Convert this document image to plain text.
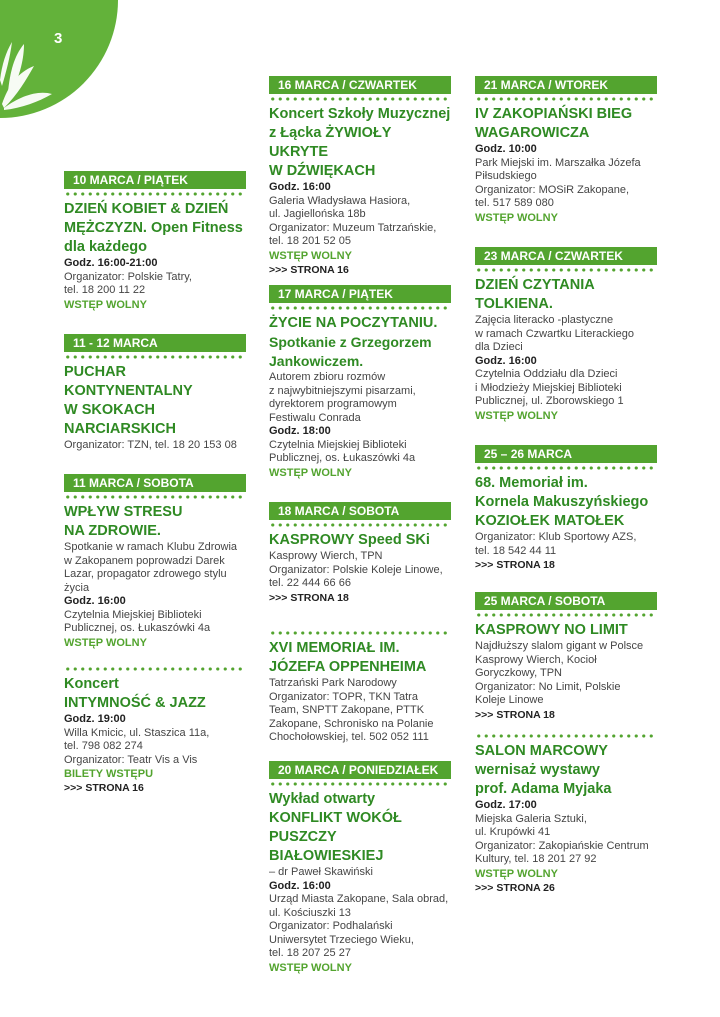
3
10 MARCA / PIĄTEK
DZIEŃ KOBIET & DZIEŃ
MĘŻCZYZN. Open Fitness
dla każdego
Godz. 16:00-21:00
Organizator: Polskie Tatry,
tel. 18 200 11 22
WSTĘP WOLNY
11 - 12 MARCA
PUCHAR
KONTYNENTALNY
W SKOKACH
NARCIARSKICH
Organizator: TZN, tel. 18 20 153 08
11 MARCA / SOBOTA
WPŁYW STRESU
NA ZDROWIE.
Spotkanie w ramach Klubu Zdrowia
w Zakopanem poprowadzi Darek
Lazar, propagator zdrowego stylu
życia
Godz. 16:00
Czytelnia Miejskiej Biblioteki
Publicznej, os. Łukaszówki 4a
WSTĘP WOLNY
Koncert
INTYMNOŚĆ & JAZZ
Godz. 19:00
Willa Kmicic, ul. Staszica 11a,
tel. 798 082 274
Organizator: Teatr Vis a Vis
BILETY WSTĘPU
>>> STRONA 16
16 MARCA / CZWARTEK
Koncert Szkoły Muzycznej
z Łącka ŻYWIOŁY UKRYTE
W DŹWIĘKACH
Godz. 16:00
Galeria Władysława Hasiora,
ul. Jagiellońska 18b
Organizator: Muzeum Tatrzańskie,
tel. 18 201 52 05
WSTĘP WOLNY
>>> STRONA 16
17 MARCA / PIĄTEK
ŻYCIE NA POCZYTANIU.
Spotkanie z Grzegorzem
Jankowiczem.
Autorem zbioru rozmów
z najwybitniejszymi pisarzami,
dyrektorem programowym
Festiwalu Conrada
Godz. 18:00
Czytelnia Miejskiej Biblioteki
Publicznej, os. Łukaszówki 4a
WSTĘP WOLNY
18 MARCA / SOBOTA
KASPROWY Speed SKi
Kasprowy Wierch, TPN
Organizator: Polskie Koleje Linowe,
tel. 22 444 66 66
>>> STRONA 18
XVI MEMORIAŁ IM.
JÓZEFA OPPENHEIMA
Tatrzański Park Narodowy
Organizator: TOPR, TKN Tatra
Team, SNPTT Zakopane, PTTK
Zakopane, Schronisko na Polanie
Chochołowskiej, tel. 502 052 111
20 MARCA / PONIEDZIAŁEK
Wykład otwarty
KONFLIKT WOKÓŁ
PUSZCZY BIAŁOWIESKIEJ
– dr Paweł Skawiński
Godz. 16:00
Urząd Miasta Zakopane, Sala obrad,
ul. Kościuszki 13
Organizator: Podhalański
Uniwersytet Trzeciego Wieku,
tel. 18 207 25 27
WSTĘP WOLNY
21 MARCA / WTOREK
IV ZAKOPIAŃSKI BIEG
WAGAROWICZA
Godz. 10:00
Park Miejski im. Marszałka Józefa
Piłsudskiego
Organizator: MOSiR Zakopane,
tel. 517 589 080
WSTĘP WOLNY
23 MARCA / CZWARTEK
DZIEŃ CZYTANIA
TOLKIENA.
Zajęcia literacko -plastyczne
w ramach Czwartku Literackiego
dla Dzieci
Godz. 16:00
Czytelnia Oddziału dla Dzieci
i Młodzieży Miejskiej Biblioteki
Publicznej, ul. Zborowskiego 1
WSTĘP WOLNY
25 – 26 MARCA
68. Memoriał im.
Kornela Makuszyńskiego
KOZIOŁEK MATOŁEK
Organizator: Klub Sportowy AZS,
tel. 18 542 44 11
>>> STRONA 18
25 MARCA / SOBOTA
KASPROWY NO LIMIT
Najdłuższy slalom gigant w Polsce
Kasprowy Wierch, Kocioł
Goryczkowy, TPN
Organizator: No Limit, Polskie
Koleje Linowe
>>> STRONA 18
SALON MARCOWY
wernisaż wystawy
prof. Adama Myjaka
Godz. 17:00
Miejska Galeria Sztuki,
ul. Krupówki 41
Organizator: Zakopiańskie Centrum
Kultury, tel. 18 201 27 92
WSTĘP WOLNY
>>> STRONA 26
